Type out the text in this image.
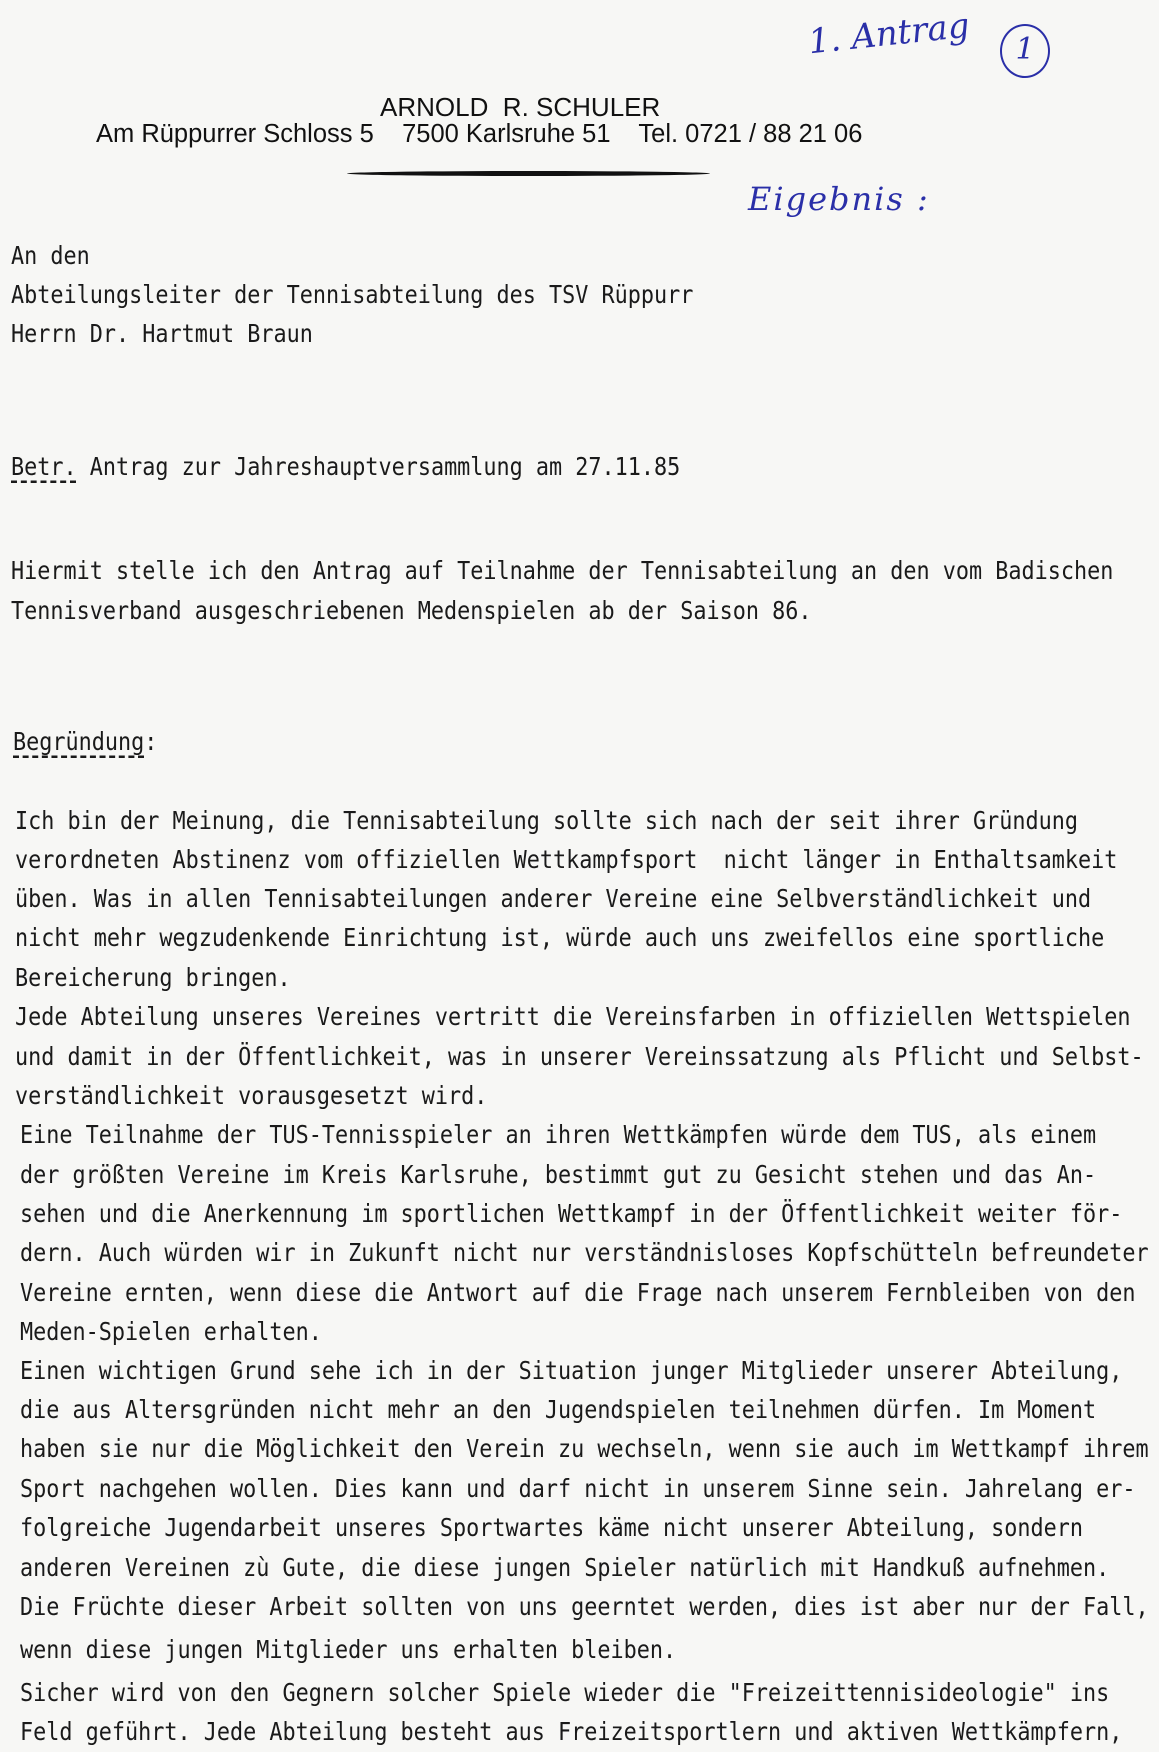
1. Antrag	1
ARNOLD  R. SCHULER
Am Rüppurrer Schloss 5    7500 Karlsruhe 51    Tel. 0721 / 88 21 06
Eigebnis :
An den
Abteilungsleiter der Tennisabteilung des TSV Rüppurr
Herrn Dr. Hartmut Braun
Betr. Antrag zur Jahreshauptversammlung am 27.11.85
Hiermit stelle ich den Antrag auf Teilnahme der Tennisabteilung an den vom Badischen
Tennisverband ausgeschriebenen Medenspielen ab der Saison 86.
Begründung:
Ich bin der Meinung, die Tennisabteilung sollte sich nach der seit ihrer Gründung
verordneten Abstinenz vom offiziellen Wettkampfsport  nicht länger in Enthaltsamkeit
üben. Was in allen Tennisabteilungen anderer Vereine eine Selbverständlichkeit und
nicht mehr wegzudenkende Einrichtung ist, würde auch uns zweifellos eine sportliche
Bereicherung bringen.
Jede Abteilung unseres Vereines vertritt die Vereinsfarben in offiziellen Wettspielen
und damit in der Öffentlichkeit, was in unserer Vereinssatzung als Pflicht und Selbst-
verständlichkeit vorausgesetzt wird.
Eine Teilnahme der TUS-Tennisspieler an ihren Wettkämpfen würde dem TUS, als einem
der größten Vereine im Kreis Karlsruhe, bestimmt gut zu Gesicht stehen und das An-
sehen und die Anerkennung im sportlichen Wettkampf in der Öffentlichkeit weiter för-
dern. Auch würden wir in Zukunft nicht nur verständnisloses Kopfschütteln befreundeter
Vereine ernten, wenn diese die Antwort auf die Frage nach unserem Fernbleiben von den
Meden-Spielen erhalten.
Einen wichtigen Grund sehe ich in der Situation junger Mitglieder unserer Abteilung,
die aus Altersgründen nicht mehr an den Jugendspielen teilnehmen dürfen. Im Moment
haben sie nur die Möglichkeit den Verein zu wechseln, wenn sie auch im Wettkampf ihrem
Sport nachgehen wollen. Dies kann und darf nicht in unserem Sinne sein. Jahrelang er-
folgreiche Jugendarbeit unseres Sportwartes käme nicht unserer Abteilung, sondern
anderen Vereinen zù Gute, die diese jungen Spieler natürlich mit Handkuß aufnehmen.
Die Früchte dieser Arbeit sollten von uns geerntet werden, dies ist aber nur der Fall,
wenn diese jungen Mitglieder uns erhalten bleiben.
Sicher wird von den Gegnern solcher Spiele wieder die "Freizeittennisideologie" ins
Feld geführt. Jede Abteilung besteht aus Freizeitsportlern und aktiven Wettkämpfern,
